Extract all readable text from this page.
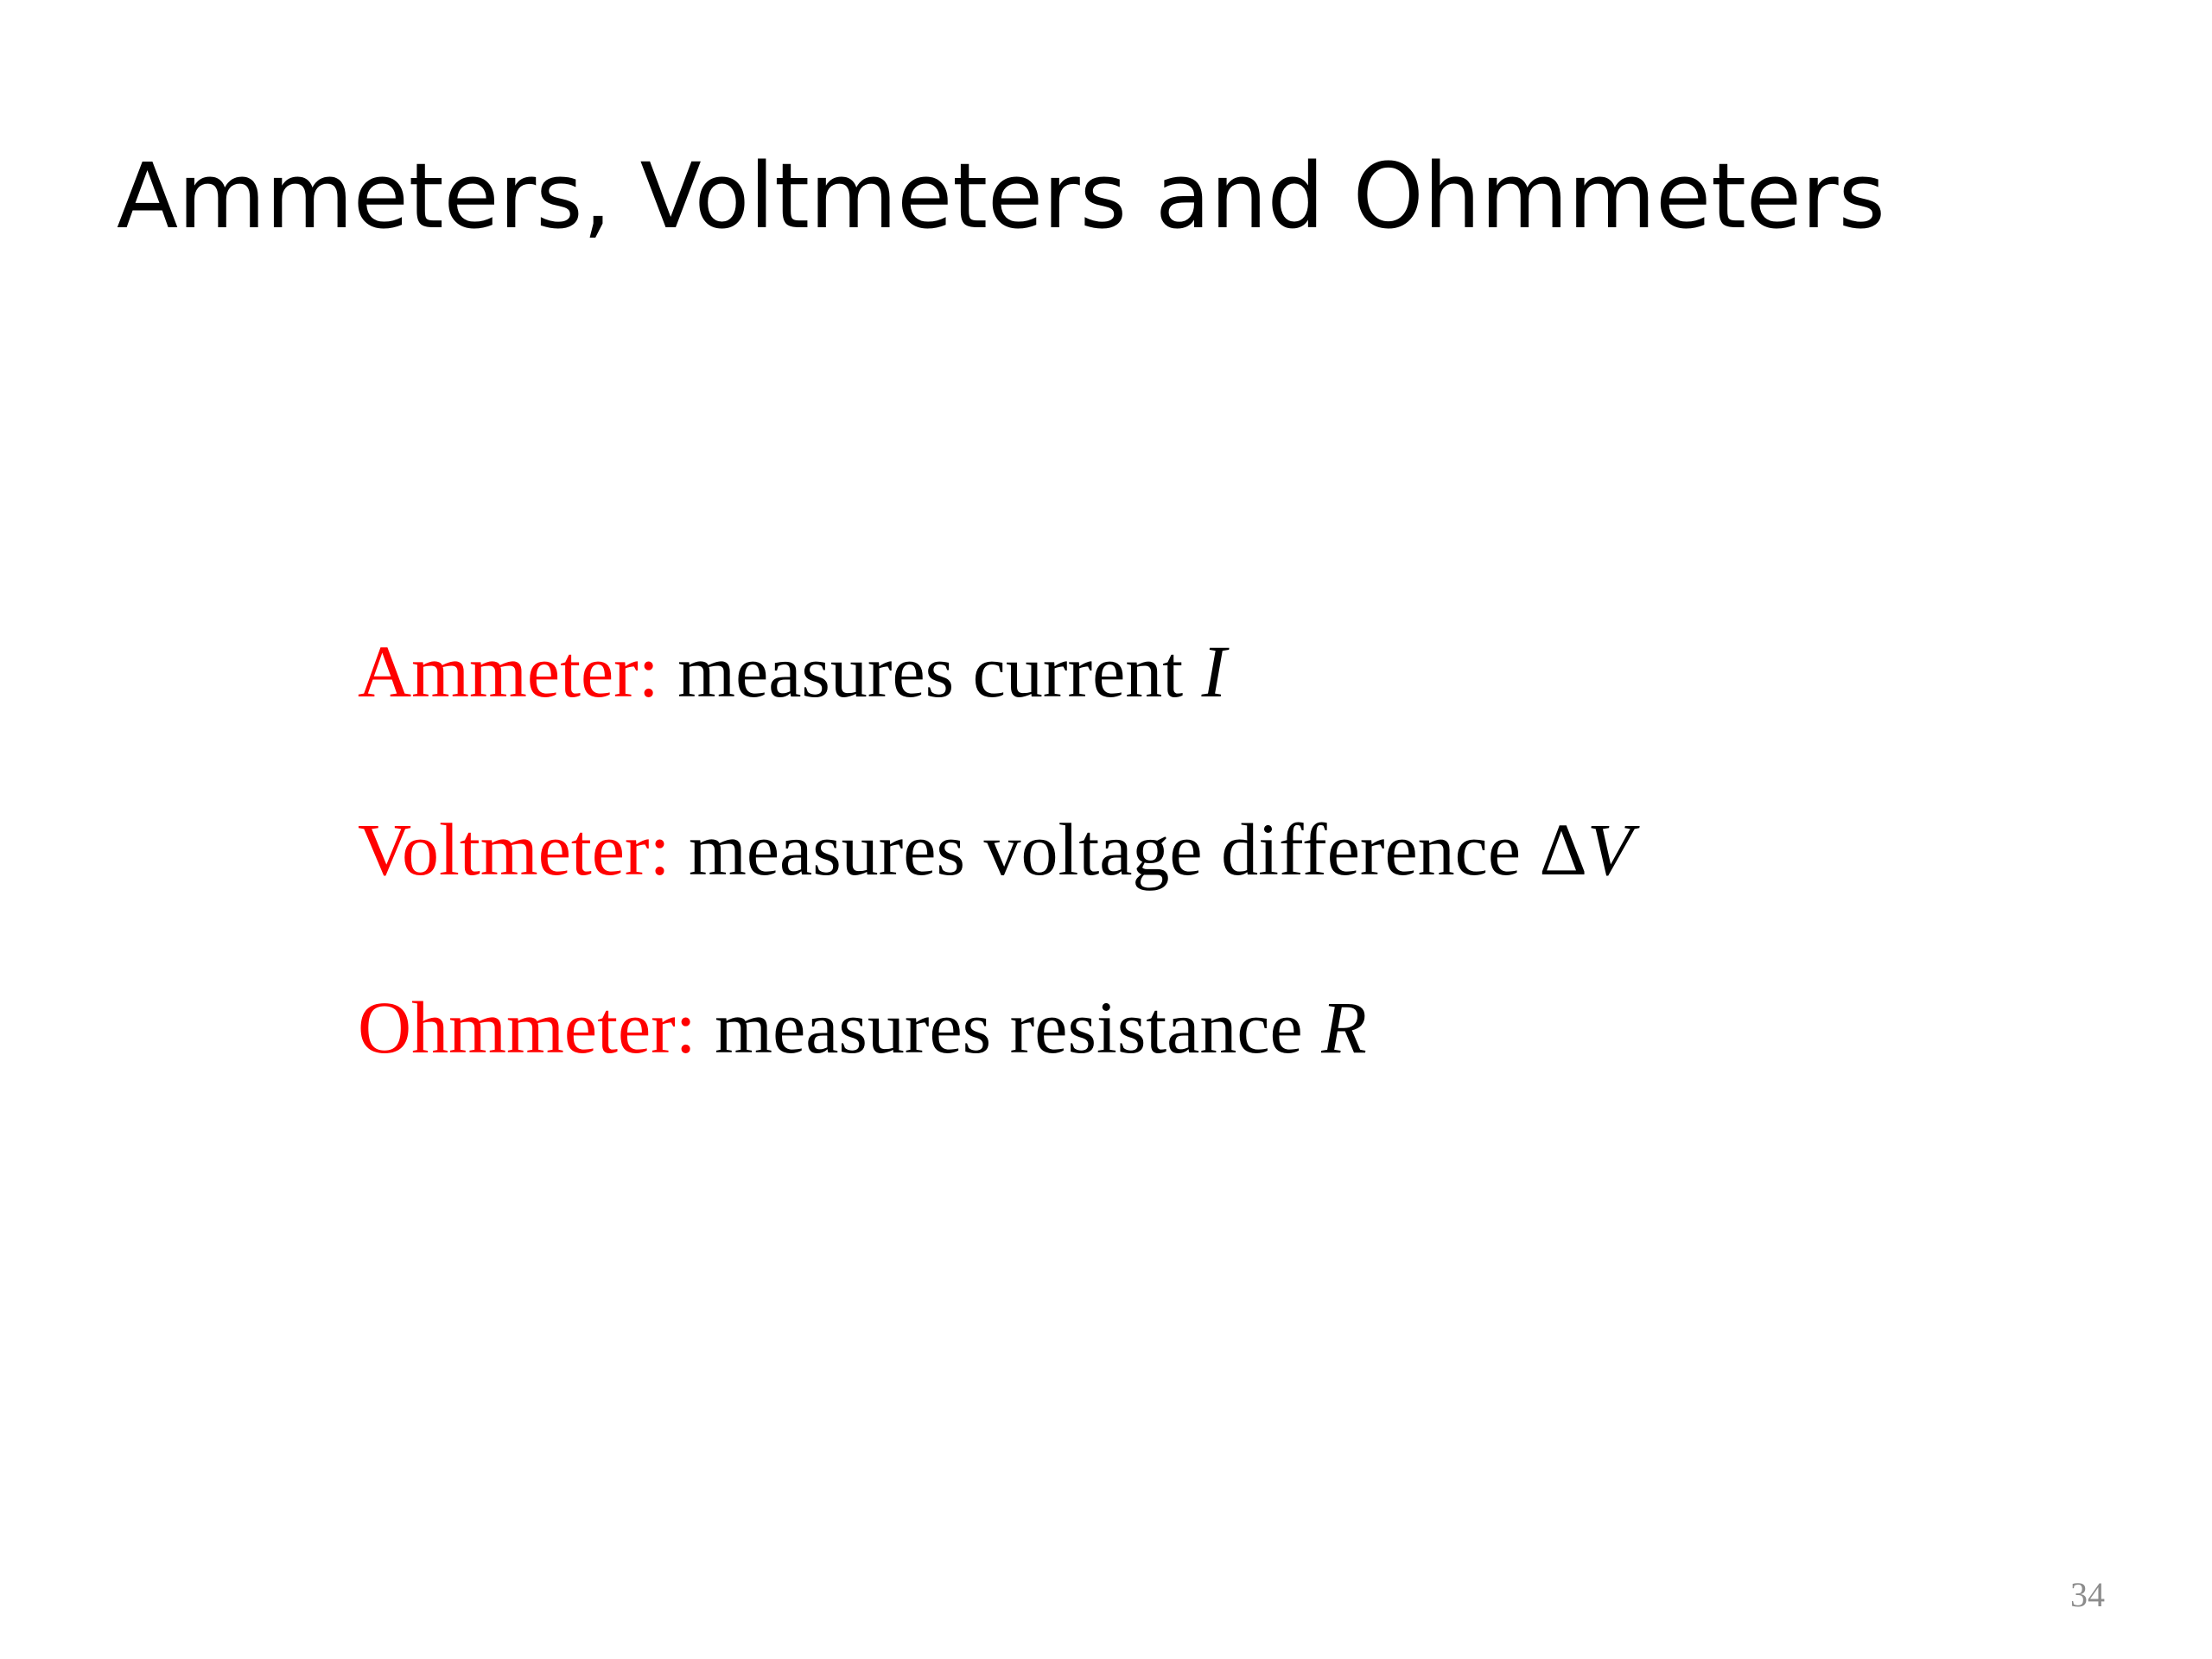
Ammeters, Voltmeters and Ohmmeters

Ammeter: measures current I

Voltmeter: measures voltage difference ΔV

Ohmmeter: measures resistance R

34
